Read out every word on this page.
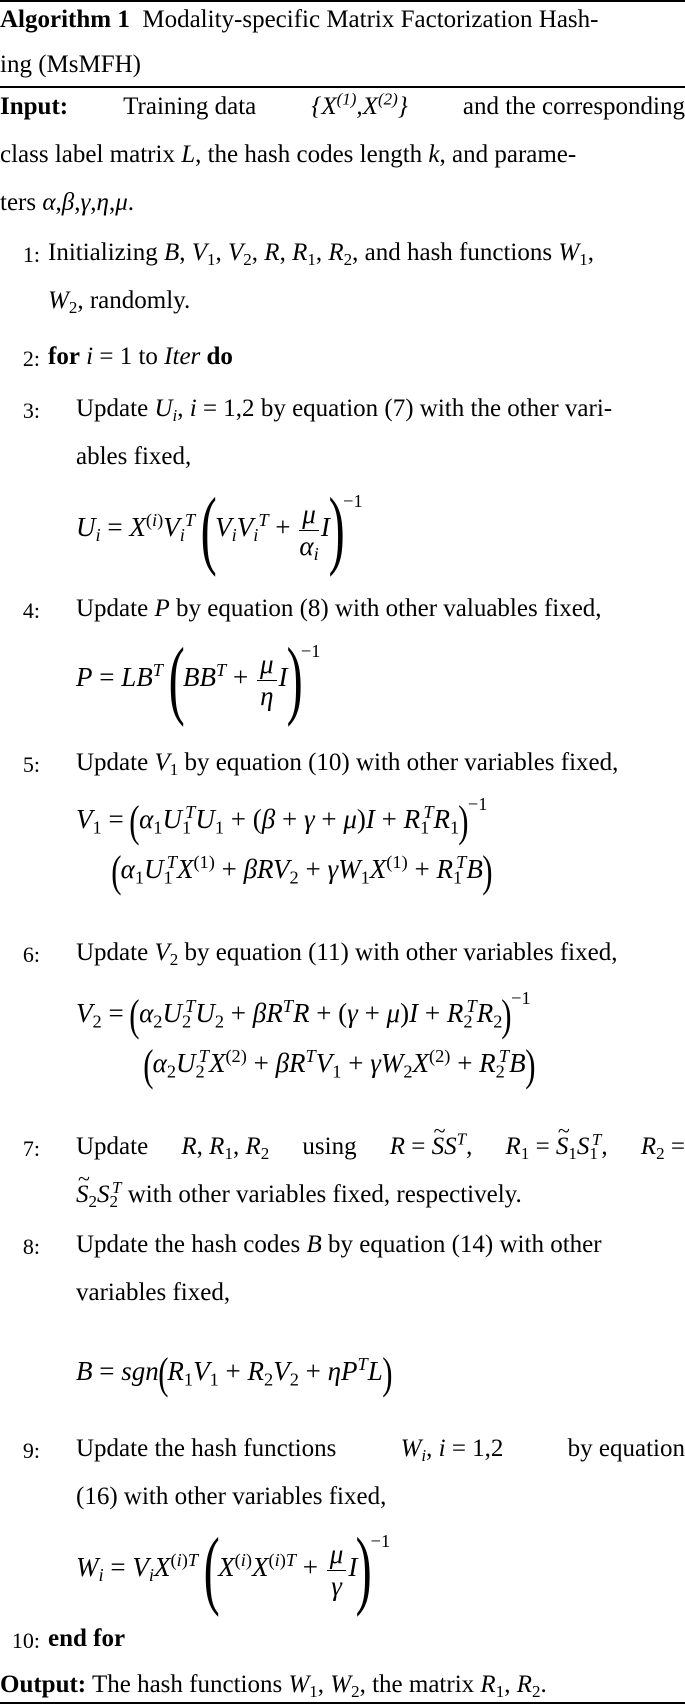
Algorithm 1 Modality-specific Matrix Factorization Hash-
ing (MsMFH)
Input: Training data $\{X^{(1)},X^{(2)}\}$ and the corresponding
class label matrix L, the hash codes length k, and parame-
ters α,β,γ,η,μ.
1: Initializing B, $V_1$, $V_2$, R, $R_1$, $R_2$, and hash functions $W_1$,
$W_2$, randomly.
2: for i = 1 to Iter do
3: Update $U_i$, i = 1,2 by equation (7) with the other vari-
ables fixed,
$U_i = X^{(i)}V_i^T$ $(V_iV_i^T + \frac{\mu}{\alpha_i} I)^{-1}$
4: Update P by equation (8) with other valuables fixed,
$P = LB^T$ $(BB^T + \frac{\mu}{\eta} I)^{-1}$
5: Update $V_1$ by equation (10) with other variables fixed,
$V_1 = (\alpha_1U_1^TU_1 + (\beta + \gamma + \mu)I + R_1^TR_1)^{-1}$
$(\alpha_1U_1^TX^{(1)} + \beta RV_2 + \gamma W_1X^{(1)} + R_1^TB)$
6: Update $V_2$ by equation (11) with other variables fixed,
$V_2 = (\alpha_2U_2^TU_2 + \beta R^TR + (\gamma + \mu)I + R_2^TR_2)^{-1}$
$(\alpha_2U_2^TX^{(2)} + \beta R^TV_1 + \gamma W_2X^{(2)} + R_2^TB)$
7: Update R, $R_1$, $R_2$ using R = ~ $SS^T$, $R_1$ = ~ $S_1S_1^T$, $R_2$ =
~ $S_2S_2^T$ with other variables fixed, respectively.
8: Update the hash codes B by equation (14) with other
variables fixed,
$B = sgn(R_1V_1 + R_2V_2 + \eta P^TL)$
9: Update the hash functions	$W_i$, i = 1,2	by equation
(16) with other variables fixed,
$W_i = V_iX^{(i)T}$ $(X^{(i)}X^{(i)T} + \frac{\mu}{\gamma} I)^{-1}$
10: end for
Output: The hash functions $W_1$, $W_2$, the matrix $R_1$, $R_2$.
